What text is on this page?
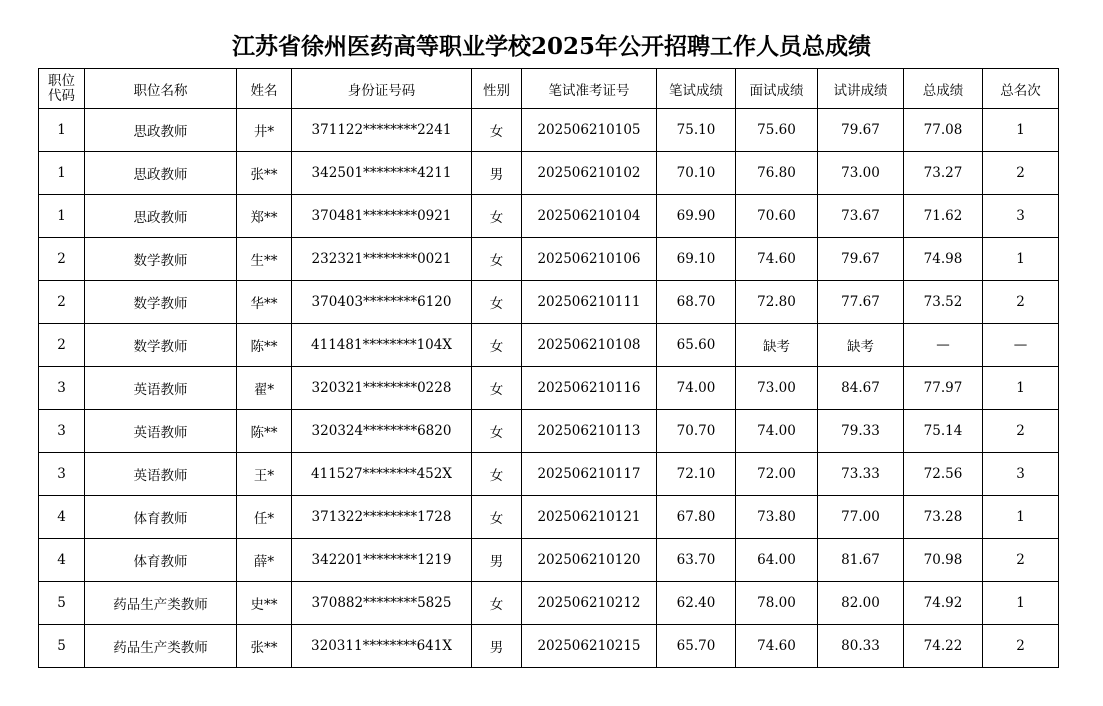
江苏省徐州医药高等职业学校2025年公开招聘工作人员总成绩
职位
代码	职位名称	姓名	身份证号码	性别	笔试准考证号	笔试成绩	面试成绩	试讲成绩	总成绩	总名次
1	思政教师	井*	371122********2241	女	202506210105	75.10	75.60	79.67	77.08	1
1	思政教师	张**	342501********4211	男	202506210102	70.10	76.80	73.00	73.27	2
1	思政教师	郑**	370481********0921	女	202506210104	69.90	70.60	73.67	71.62	3
2	数学教师	生**	232321********0021	女	202506210106	69.10	74.60	79.67	74.98	1
2	数学教师	华**	370403********6120	女	202506210111	68.70	72.80	77.67	73.52	2
2	数学教师	陈**	411481********104X	女	202506210108	65.60	缺考	缺考	—	—
3	英语教师	翟*	320321********0228	女	202506210116	74.00	73.00	84.67	77.97	1
3	英语教师	陈**	320324********6820	女	202506210113	70.70	74.00	79.33	75.14	2
3	英语教师	王*	411527********452X	女	202506210117	72.10	72.00	73.33	72.56	3
4	体育教师	任*	371322********1728	女	202506210121	67.80	73.80	77.00	73.28	1
4	体育教师	薛*	342201********1219	男	202506210120	63.70	64.00	81.67	70.98	2
5	药品生产类教师	史**	370882********5825	女	202506210212	62.40	78.00	82.00	74.92	1
5	药品生产类教师	张**	320311********641X	男	202506210215	65.70	74.60	80.33	74.22	2
